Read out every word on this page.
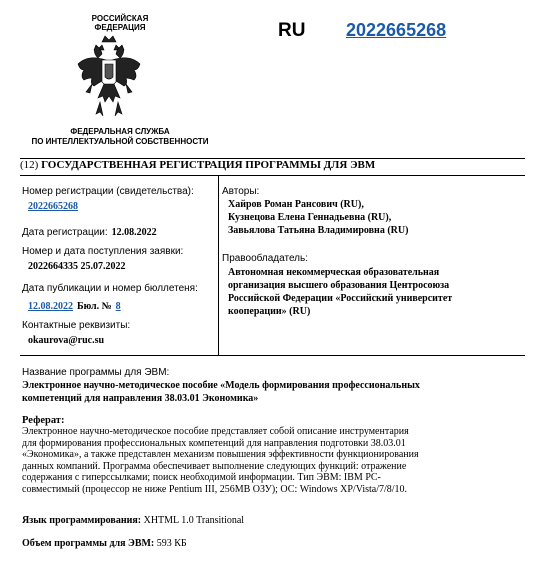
РОССИЙСКАЯ ФЕДЕРАЦИЯ
ФЕДЕРАЛЬНАЯ СЛУЖБА
ПО ИНТЕЛЛЕКТУАЛЬНОЙ СОБСТВЕННОСТИ
RU 2022665268
(12) ГОСУДАРСТВЕННАЯ РЕГИСТРАЦИЯ ПРОГРАММЫ ДЛЯ ЭВМ
Номер регистрации (свидетельства):
2022665268
Дата регистрации: 12.08.2022
Номер и дата поступления заявки:
2022664335 25.07.2022
Дата публикации и номер бюллетеня:
12.08.2022 Бюл. № 8
Контактные реквизиты:
okaurova@ruc.su
Авторы:
Хайров Роман Рансович (RU),
Кузнецова Елена Геннадьевна (RU),
Завьялова Татьяна Владимировна (RU)
Правообладатель:
Автономная некоммерческая образовательная
организация высшего образования Центросоюза
Российской Федерации «Российский университет
кооперации» (RU)
Название программы для ЭВМ:
Электронное научно-методическое пособие «Модель формирования профессиональных
компетенций для направления 38.03.01 Экономика»
Реферат:
Электронное научно-методическое пособие представляет собой описание инструментария
для формирования профессиональных компетенций для направления подготовки 38.03.01
«Экономика», а также представлен механизм повышения эффективности функционирования
данных компаний. Программа обеспечивает выполнение следующих функций: отражение
содержания с гиперссылками; поиск необходимой информации. Тип ЭВМ: IBM PC-
совместимый (процессор не ниже Pentium III, 256MB ОЗУ); ОС: Windows XP/Vista/7/8/10.
Язык программирования: XHTML 1.0 Transitional
Объем программы для ЭВМ: 593 КБ
